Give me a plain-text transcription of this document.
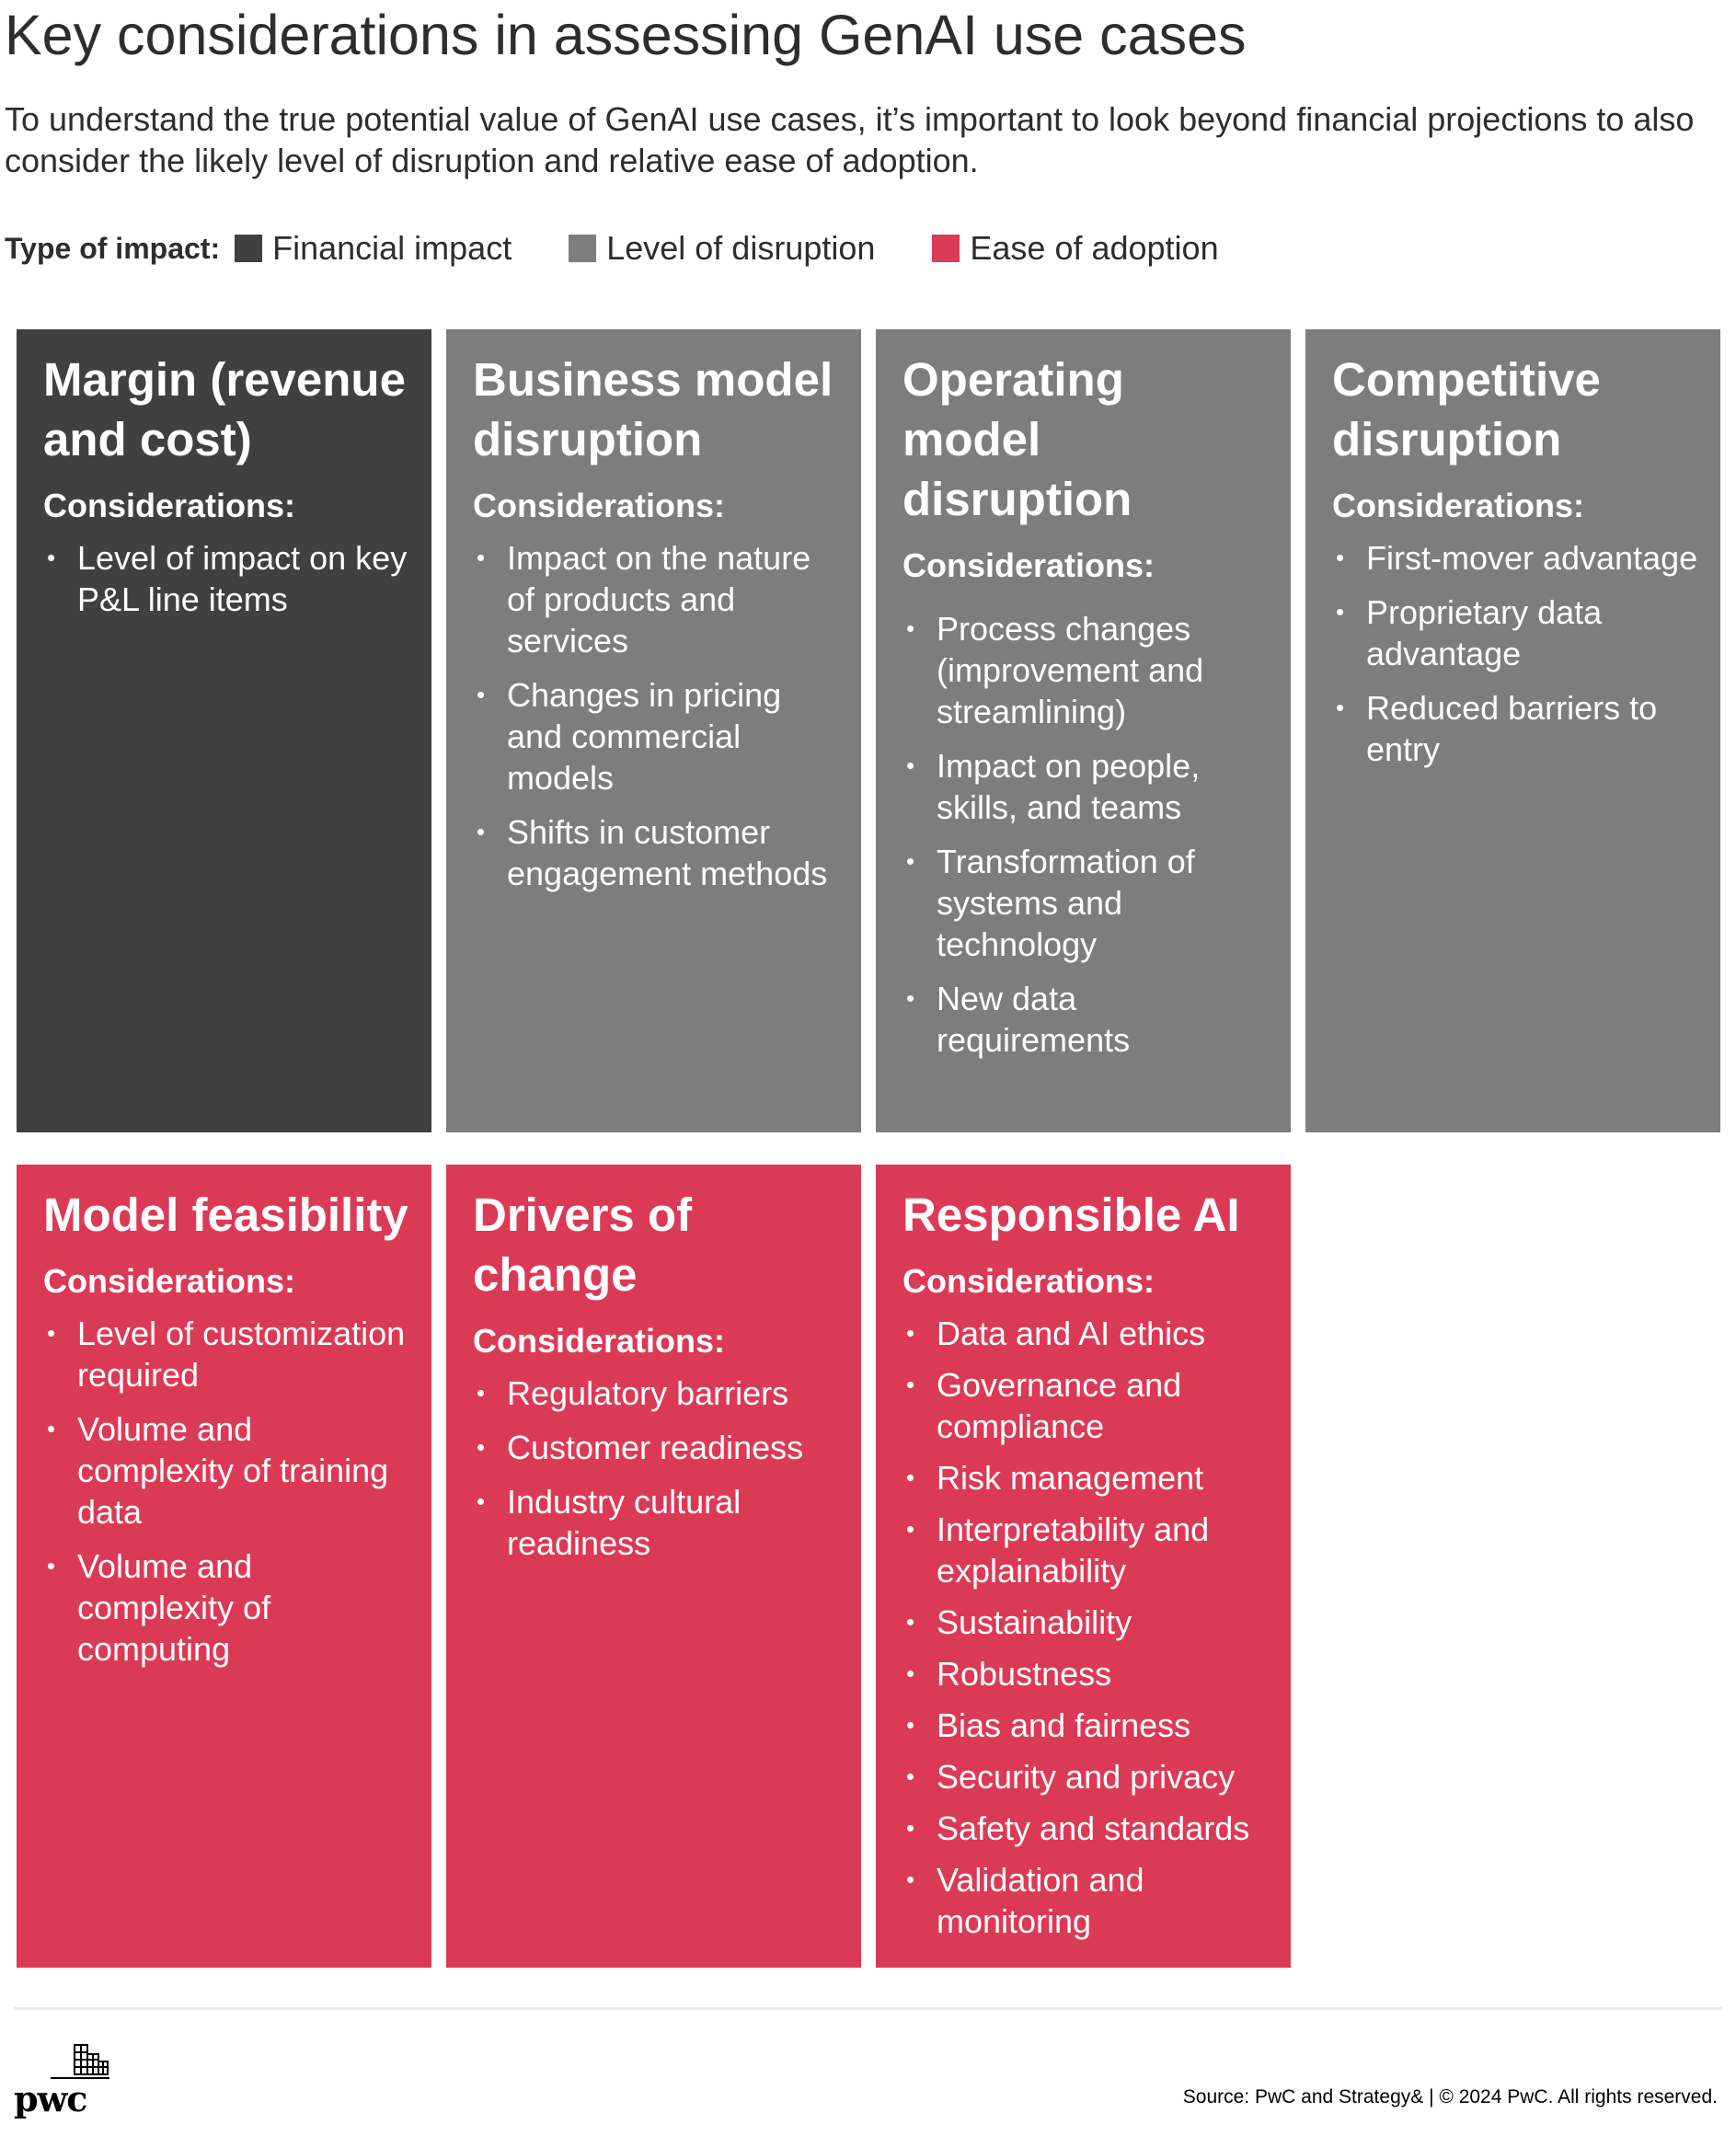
Key considerations in assessing GenAI use cases
To understand the true potential value of GenAI use cases, it’s important to look beyond financial projections to also consider the likely level of disruption and relative ease of adoption.
Type of impact: Financial impact	Level of disruption	Ease of adoption
Margin (revenue and cost)
Considerations:
• Level of impact on key P&L line items
Business model disruption
Considerations:
• Impact on the nature of products and services
• Changes in pricing and commercial models
• Shifts in customer engagement methods
Operating model disruption
Considerations:
• Process changes (improvement and streamlining)
• Impact on people, skills, and teams
• Transformation of systems and technology
• New data requirements
Competitive disruption
Considerations:
• First-mover advantage
• Proprietary data advantage
• Reduced barriers to entry
Model feasibility
Considerations:
• Level of customization required
• Volume and complexity of training data
• Volume and complexity of computing
Drivers of change
Considerations:
• Regulatory barriers
• Customer readiness
• Industry cultural readiness
Responsible AI
Considerations:
• Data and AI ethics
• Governance and compliance
• Risk management
• Interpretability and explainability
• Sustainability
• Robustness
• Bias and fairness
• Security and privacy
• Safety and standards
• Validation and monitoring
pwc	Source: PwC and Strategy& | © 2024 PwC. All rights reserved.
